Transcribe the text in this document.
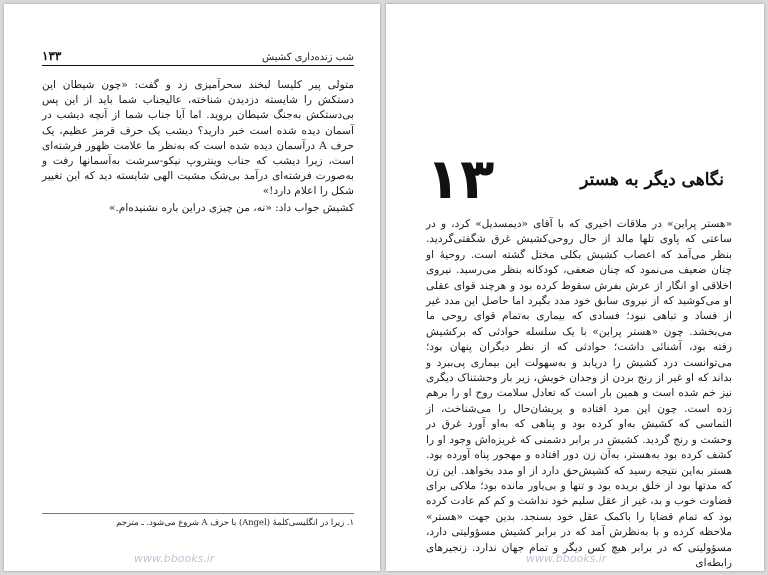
شب زنده‌داری کشیش
۱۳۳

متولی پیر کلیسا لبخند سحرآمیزی زد و گفت: «چون شیطان این دستکش را شایسته دزدیدن شناخته، عالیجناب شما باید از این پس بی‌دستکش به‌جنگ شیطان بروید. اما آیا جناب شما از آنچه دیشب در آسمان دیده شده است خبر دارید؟ دیشب یک حرف قرمز عظیم، یک حرف A درآسمان دیده شده است که به‌نظر ما علامت ظهور فرشته‌ای است، زیرا دیشب که جناب وینتروپ نیکو-سرشت به‌آسمانها رفت و به‌صورت فرشته‌ای درآمد بی‌شک مشیت الهی شایسته دید که این تغییر شکل را اعلام دارد!»

کشیش جواب داد: «نه، من چیزی دراین باره نشنیده‌ام.»

۱. زیرا در انگلیسی‌کلمهٔ (Angel) با حرف A شروع می‌شود. ـ مترجم
www.bbooks.ir
۱۳	نگاهی دیگر به هستر

«هستر پراین» در ملاقات اخیری که با آقای «دیمسدیل» کرد، و در ساعتی که پاوی تلها مالد از حال روحی‌کشیش غرق شگفتی‌گردید. بنظر می‌آمد که اعصاب کشیش بکلی مختل گشته است. روحیهٔ او چنان ضعیف می‌نمود که چنان ضعفی، کودکانه بنظر می‌رسید. نیروی اخلاقی او انگار از عرش بفرش سقوط کرده بود و هرچند قوای عقلی او می‌کوشید که از نیروی سابق خود مدد بگیرد اما حاصل این مدد غیر از فساد و تباهی نبود؛ فسادی که بیماری به‌تمام قوای روحی ما می‌بخشد. چون «هستر پراین» با یک سلسله حوادثی که برکشیش رفته بود، آشنائی داشت؛ حوادثی که از نظر دیگران پنهان بود؛ می‌توانست درد کشیش را دریابد و به‌سهولت این بیماری پی‌ببرد و بداند که او غیر از رنج بردن از وجدان خویش، زیر بار وحشتناک دیگری نیز خم شده است و همین بار است که تعادل سلامت روح او را برهم زده است. چون این مرد افتاده و پریشان‌حال را می‌شناخت، از التماسی که کشیش به‌او کرده بود و پناهی که به‌او آورد غرق در وحشت و رنج گردید. کشیش در برابر دشمنی که غریزه‌اش وجود او را کشف کرده بود به‌هستر، به‌آن زن دور افتاده و مهجور پناه آورده بود. هستر به‌این نتیجه رسید که کشیش‌حق دارد از او مدد بخواهد. این زن که مدتها بود از خلق بریده بود و تنها و بی‌یاور مانده بود؛ ملاکی برای قضاوت خوب و بد، غیر از عقل سلیم خود نداشت و کم کم عادت کرده بود که تمام قضایا را باکمک عقل خود بسنجد. بدین جهت «هستر» ملاحظه کرده و با به‌نظرش آمد که در برابر کشیش مسؤولیتی دارد، مسؤولیتی که در برابر هیچ کس دیگر و تمام جهان ندارد. زنجیرهای رابطه‌ای

www.bbooks.ir
